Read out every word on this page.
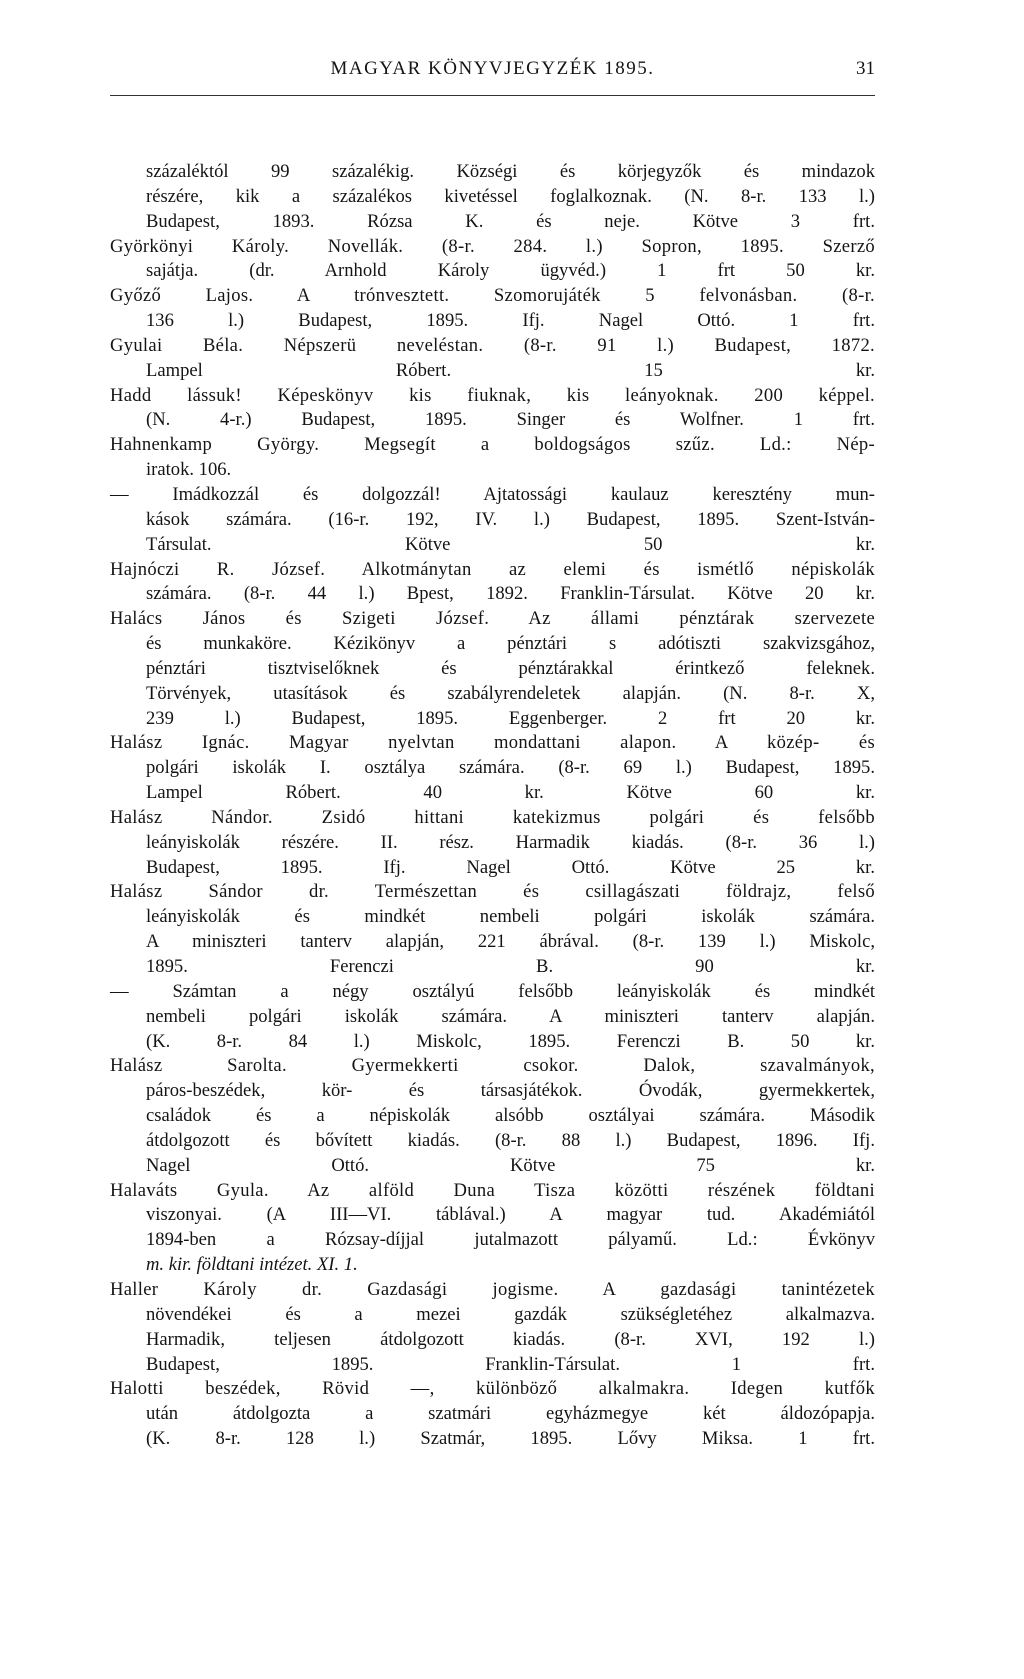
MAGYAR KÖNYVJEGYZÉK 1895.	31
százaléktól 99 százalékig. Községi és körjegyzők és mindazok
részére, kik a százalékos kivetéssel foglalkoznak. (N. 8-r. 133 l.)
Budapest, 1893. Rózsa K. és neje. Kötve 3 frt.
Györkönyi Károly. Novellák. (8-r. 284. l.) Sopron, 1895. Szerző
sajátja. (dr. Arnhold Károly ügyvéd.) 1 frt 50 kr.
Győző Lajos. A trónvesztett. Szomorujáték 5 felvonásban. (8-r.
136 l.) Budapest, 1895. Ifj. Nagel Ottó. 1 frt.
Gyulai Béla. Népszerü neveléstan. (8-r. 91 l.) Budapest, 1872.
Lampel Róbert. 15 kr.
Hadd lássuk! Képeskönyv kis fiuknak, kis leányoknak. 200 képpel.
(N. 4-r.) Budapest, 1895. Singer és Wolfner. 1 frt.
Hahnenkamp György. Megsegít a boldogságos szűz. Ld.: Nép-
iratok. 106.
— Imádkozzál és dolgozzál! Ajtatossági kaulauz keresztény mun-
kások számára. (16-r. 192, IV. l.) Budapest, 1895. Szent-István-
Társulat. Kötve 50 kr.
Hajnóczi R. József. Alkotmánytan az elemi és ismétlő népiskolák
számára. (8-r. 44 l.) Bpest, 1892. Franklin-Társulat. Kötve 20 kr.
Halács János és Szigeti József. Az állami pénztárak szervezete
és munkaköre. Kézikönyv a pénztári s adótiszti szakvizsgához,
pénztári tisztviselőknek és pénztárakkal érintkező feleknek.
Törvények, utasítások és szabályrendeletek alapján. (N. 8-r. X,
239 l.) Budapest, 1895. Eggenberger. 2 frt 20 kr.
Halász Ignác. Magyar nyelvtan mondattani alapon. A közép- és
polgári iskolák I. osztálya számára. (8-r. 69 l.) Budapest, 1895.
Lampel Róbert. 40 kr. Kötve 60 kr.
Halász Nándor. Zsidó hittani katekizmus polgári és felsőbb
leányiskolák részére. II. rész. Harmadik kiadás. (8-r. 36 l.)
Budapest, 1895. Ifj. Nagel Ottó. Kötve 25 kr.
Halász Sándor dr. Természettan és csillagászati földrajz, felső
leányiskolák és mindkét nembeli polgári iskolák számára.
A miniszteri tanterv alapján, 221 ábrával. (8-r. 139 l.) Miskolc,
1895. Ferenczi B. 90 kr.
— Számtan a négy osztályú felsőbb leányiskolák és mindkét
nembeli polgári iskolák számára. A miniszteri tanterv alapján.
(K. 8-r. 84 l.) Miskolc, 1895. Ferenczi B. 50 kr.
Halász Sarolta. Gyermekkerti csokor. Dalok, szavalmányok,
páros-beszédek, kör- és társasjátékok. Óvodák, gyermekkertek,
családok és a népiskolák alsóbb osztályai számára. Második
átdolgozott és bővített kiadás. (8-r. 88 l.) Budapest, 1896. Ifj.
Nagel Ottó. Kötve 75 kr.
Halaváts Gyula. Az alföld Duna Tisza közötti részének földtani
viszonyai. (A III—VI. táblával.) A magyar tud. Akadémiától
1894-ben a Rózsay-díjjal jutalmazott pályamű. Ld.: Évkönyv
m. kir. földtani intézet. XI. 1.
Haller Károly dr. Gazdasági jogisme. A gazdasági tanintézetek
növendékei és a mezei gazdák szükségletéhez alkalmazva.
Harmadik, teljesen átdolgozott kiadás. (8-r. XVI, 192 l.)
Budapest, 1895. Franklin-Társulat. 1 frt.
Halotti beszédek, Rövid —, különböző alkalmakra. Idegen kutfők
után átdolgozta a szatmári egyházmegye két áldozópapja.
(K. 8-r. 128 l.) Szatmár, 1895. Lővy Miksa. 1 frt.
